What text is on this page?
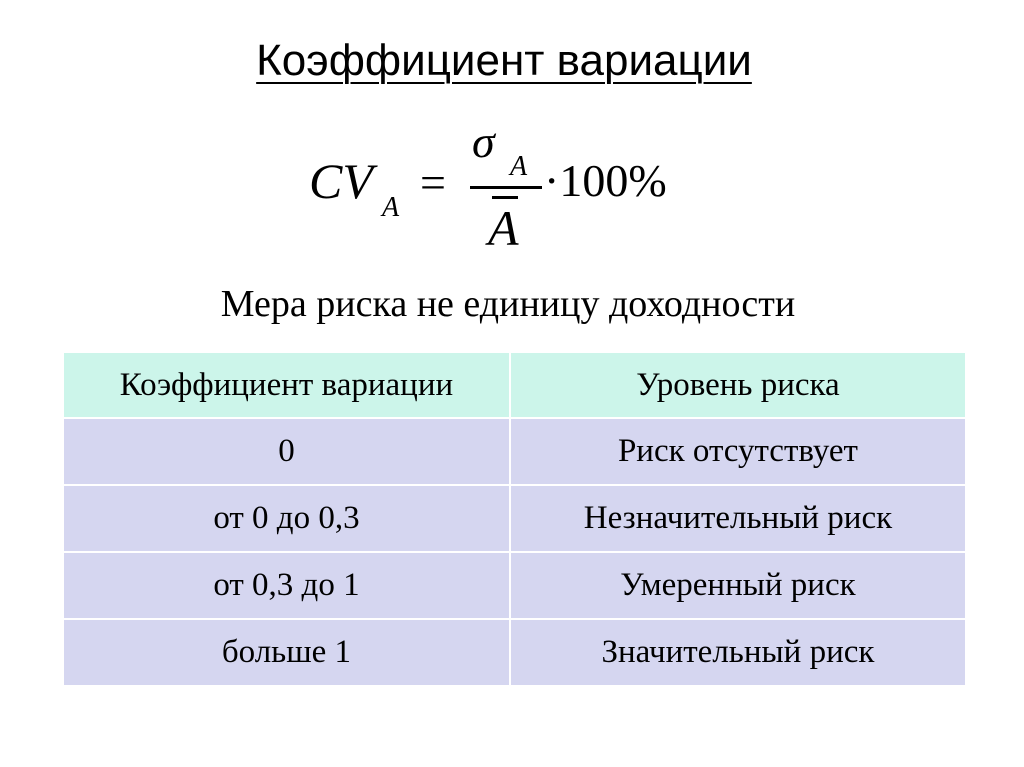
Коэффициент вариации
CV A =
σ A
A
·100%
Мера риска не единицу доходности
Коэффициент вариации	Уровень риска
0	Риск отсутствует
от 0 до 0,3	Незначительный риск
от 0,3 до 1	Умеренный риск
больше 1	Значительный риск
